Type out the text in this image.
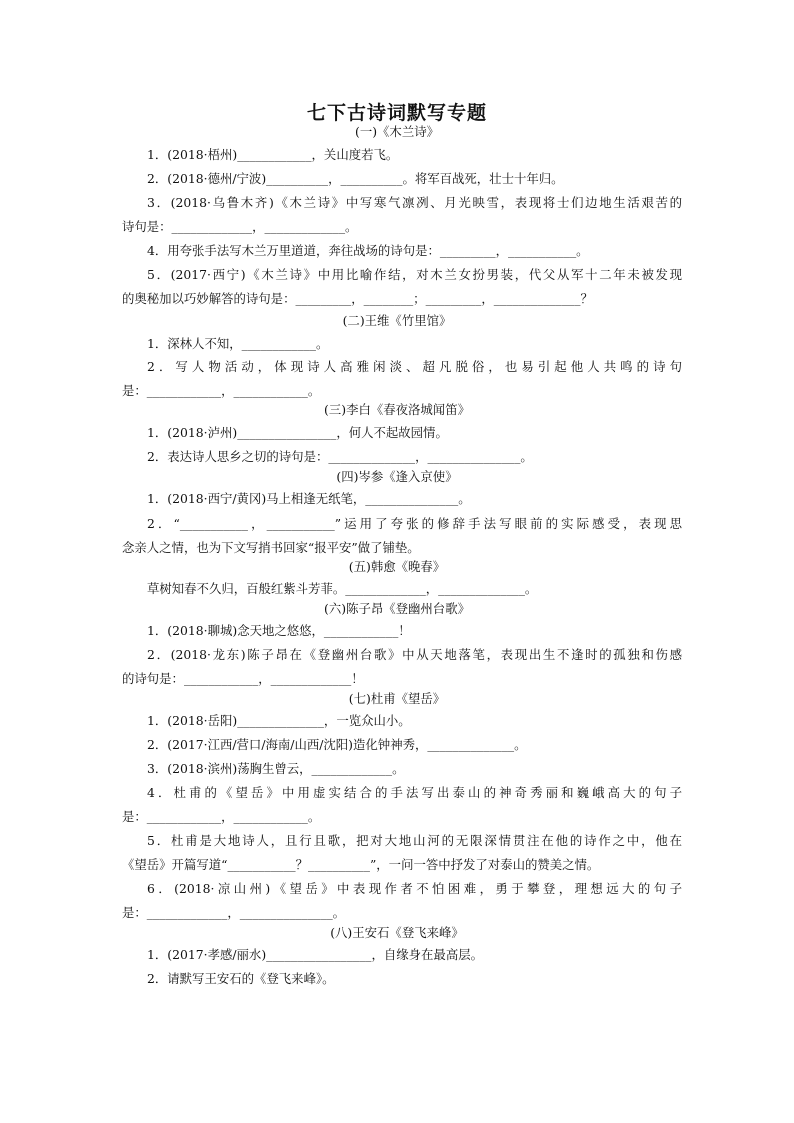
七下古诗词默写专题
(一)《木兰诗》
1．(2018·梧州)____________，关山度若飞。
2．(2018·德州/宁波)__________，__________。将军百战死，壮士十年归。
3．(2018·乌鲁木齐)《木兰诗》中写寒气凛冽、月光映雪，表现将士们边地生活艰苦的
诗句是：_____________，_____________。
4．用夸张手法写木兰万里道道，奔往战场的诗句是：_________，___________。
5．(2017·西宁)《木兰诗》中用比喻作结，对木兰女扮男装，代父从军十二年未被发现
的奥秘加以巧妙解答的诗句是：_________，________；_________，______________？
(二)王维《竹里馆》
1．深林人不知，____________。
2．写人物活动，体现诗人高雅闲淡、超凡脱俗，也易引起他人共鸣的诗句
是：____________，____________。
(三)李白《春夜洛城闻笛》
1．(2018·泸州)________________，何人不起故园情。
2．表达诗人思乡之切的诗句是：______________，_______________。
(四)岑参《逢入京使》
1．(2018·西宁/黄冈)马上相逢无纸笔，_______________。
2．“___________，___________”运用了夸张的修辞手法写眼前的实际感受，表现思
念亲人之情，也为下文写捎书回家“报平安”做了铺垫。
(五)韩愈《晚春》
草树知春不久归，百般红紫斗芳菲。_____________，______________。
(六)陈子昂《登幽州台歌》
1．(2018·聊城)念天地之悠悠，____________！
2．(2018·龙东)陈子昂在《登幽州台歌》中从天地落笔，表现出生不逢时的孤独和伤感
的诗句是：____________，_____________！
(七)杜甫《望岳》
1．(2018·岳阳)______________，一览众山小。
2．(2017·江西/营口/海南/山西/沈阳)造化钟神秀，______________。
3．(2018·滨州)荡胸生曾云，_____________。
4．杜甫的《望岳》中用虚实结合的手法写出泰山的神奇秀丽和巍峨高大的句子
是：____________，____________。
5．杜甫是大地诗人，且行且歌，把对大地山河的无限深情贯注在他的诗作之中，他在
《望岳》开篇写道“___________？__________”，一问一答中抒发了对泰山的赞美之情。
6．(2018·凉山州)《望岳》中表现作者不怕困难，勇于攀登，理想远大的句子
是：_____________，_______________。
(八)王安石《登飞来峰》
1．(2017·孝感/丽水)_________________，自缘身在最高层。
2．请默写王安石的《登飞来峰》。
